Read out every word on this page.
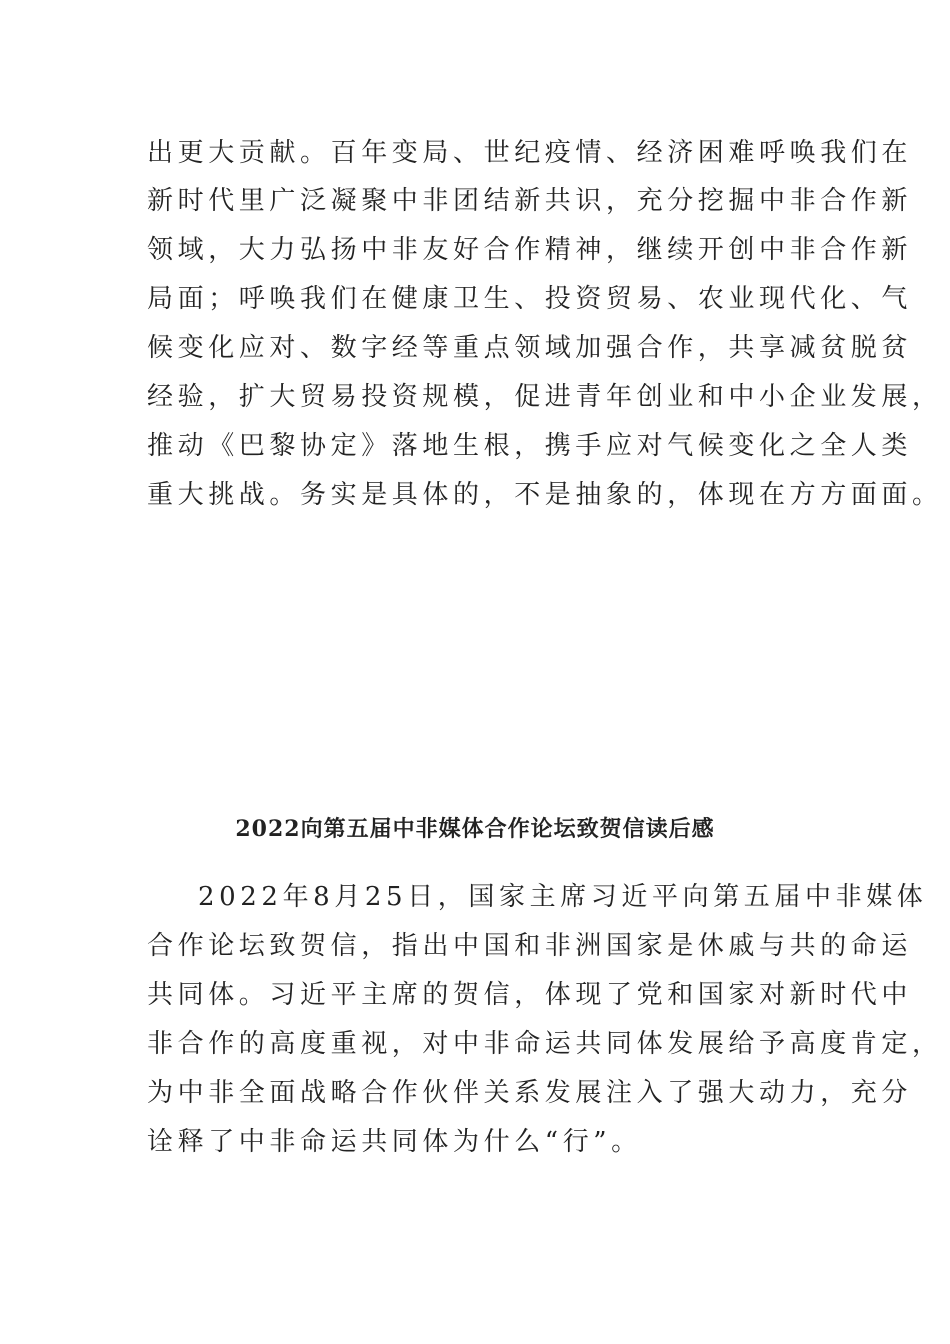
出更大贡献。百年变局、世纪疫情、经济困难呼唤我们在
新时代里广泛凝聚中非团结新共识，充分挖掘中非合作新
领域，大力弘扬中非友好合作精神，继续开创中非合作新
局面；呼唤我们在健康卫生、投资贸易、农业现代化、气
候变化应对、数字经等重点领域加强合作，共享减贫脱贫
经验，扩大贸易投资规模，促进青年创业和中小企业发展，
推动《巴黎协定》落地生根，携手应对气候变化之全人类
重大挑战。务实是具体的，不是抽象的，体现在方方面面。
2022向第五届中非媒体合作论坛致贺信读后感
2022年8月25日，国家主席习近平向第五届中非媒体
合作论坛致贺信，指出中国和非洲国家是休戚与共的命运
共同体。习近平主席的贺信，体现了党和国家对新时代中
非合作的高度重视，对中非命运共同体发展给予高度肯定，
为中非全面战略合作伙伴关系发展注入了强大动力，充分
诠释了中非命运共同体为什么“行”。
